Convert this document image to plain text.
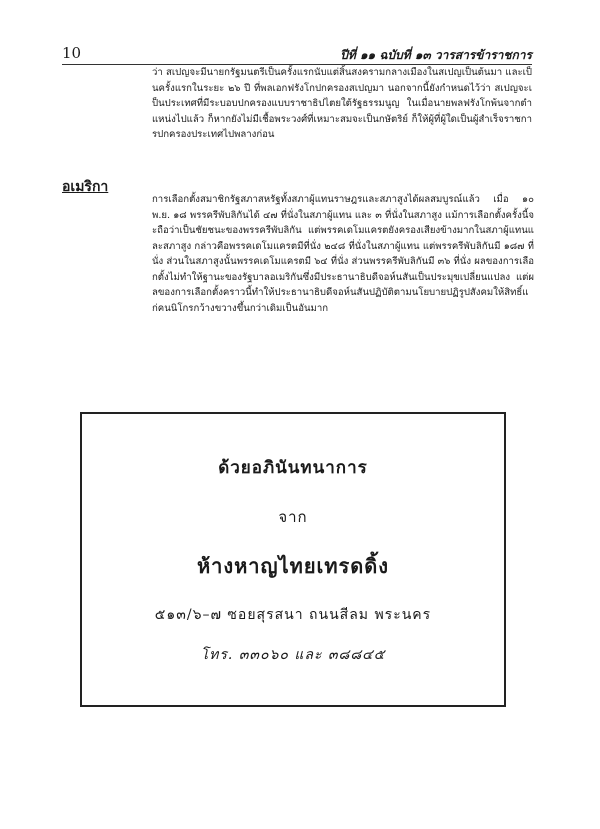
10	ปีที่ ๑๑ ฉบับที่ ๑๓ วารสารข้าราชการ
ว่า สเปญจะมีนายกรัฐมนตรีเป็นครั้งแรกนับแต่สิ้นสงครามกลางเมืองในสเปญเป็นต้นมา และเป็นครั้งแรกในระยะ ๒๖ ปี ที่พลเอกฟรังโกปกครองสเปญมา นอกจากนี้ยังกำหนดไว้ว่า สเปญจะเป็นประเทศที่มีระบอบปกครองแบบราชาธิปไตยใต้รัฐธรรมนูญ ในเมื่อนายพลฟรังโกพ้นจากตำแหน่งไปแล้ว ก็หากยังไม่มีเชื้อพระวงศ์ที่เหมาะสมจะเป็นกษัตริย์ ก็ให้ผู้ที่ผู้ใดเป็นผู้สำเร็จราชการปกครองประเทศไปพลางก่อน
อเมริกา
การเลือกตั้งสมาชิกรัฐสภาสหรัฐทั้งสภาผู้แทนราษฎรและสภาสูงได้ผลสมบูรณ์แล้ว เมื่อ ๑๐ พ.ย. ๑๘ พรรครีพับลิกันได้ ๔๗ ที่นั่งในสภาผู้แทน และ ๓ ที่นั่งในสภาสูง แม้การเลือกตั้งครั้งนี้จะถือว่าเป็นชัยชนะของพรรครีพับลิกัน แต่พรรคเดโมแครตยังครองเสียงข้างมากในสภาผู้แทนและสภาสูง กล่าวคือพรรคเดโมแครตมีที่นั่ง ๒๔๘ ที่นั่งในสภาผู้แทน แต่พรรครีพับลิกันมี ๑๘๗ ที่นั่ง ส่วนในสภาสูงนั้นพรรคเดโมแครตมี ๖๔ ที่นั่ง ส่วนพรรครีพับลิกันมี ๓๖ ที่นั่ง ผลของการเลือกตั้งไม่ทำให้ฐานะของรัฐบาลอเมริกันซึ่งมีประธานาธิบดีจอห์นสันเป็นประมุขเปลี่ยนแปลง แต่ผลของการเลือกตั้งคราวนี้ทำให้ประธานาธิบดีจอห์นสันปฏิบัติตามนโยบายปฏิรูปสังคมให้สิทธิ์แก่คนนิโกรกว้างขวางขึ้นกว่าเดิมเป็นอันมาก
ด้วยอภินันทนาการ
จาก
ห้างหาญไทยเทรดดิ้ง
๕๑๓/๖–๗ ซอยสุรสนา ถนนสีลม พระนคร
โทร. ๓๓๐๖๐ และ ๓๘๘๔๕
